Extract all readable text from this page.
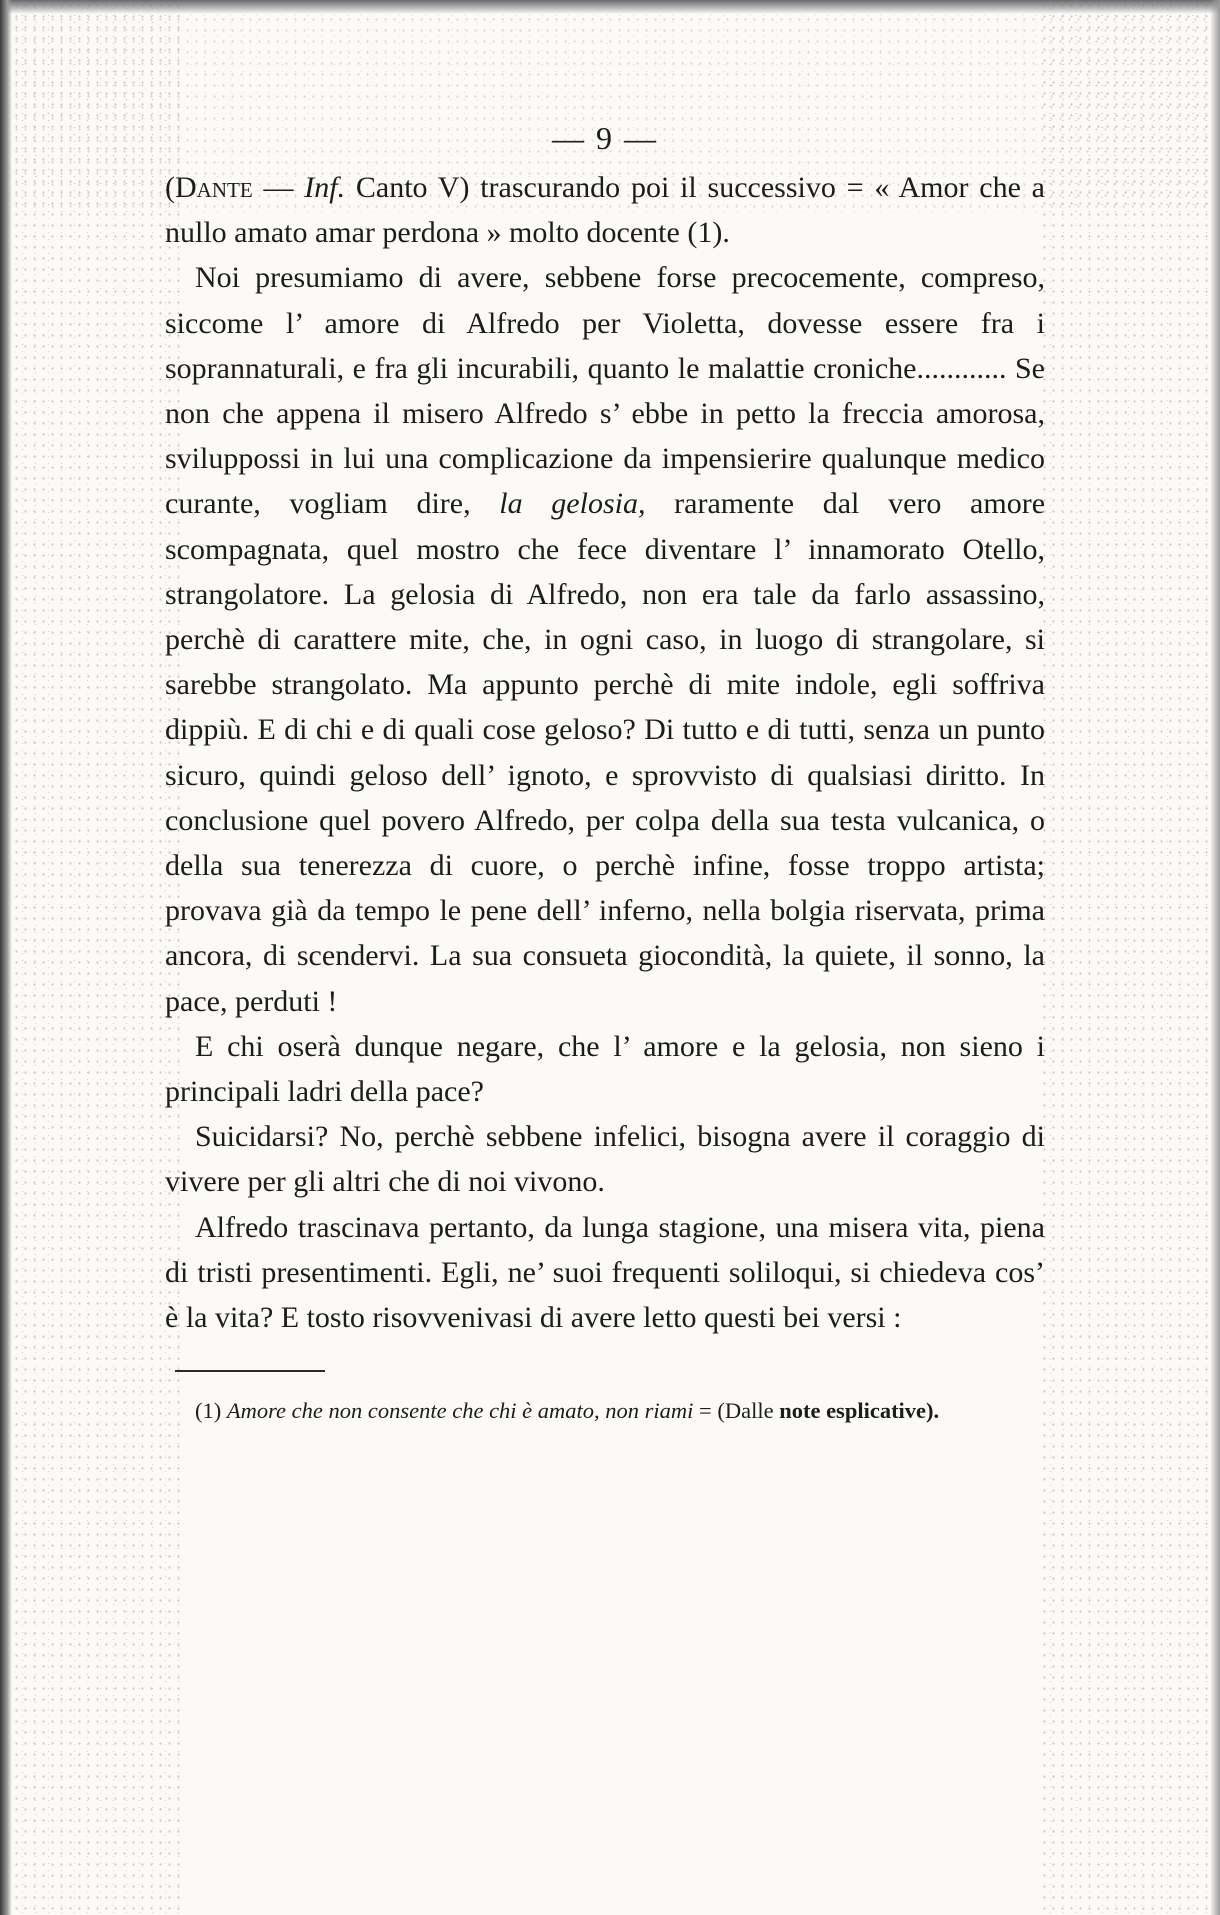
— 9 —

(Dante — Inf. Canto V) trascurando poi il successivo = « Amor che a nullo amato amar perdona » molto docente (1).

Noi presumiamo di avere, sebbene forse precocemente, compreso, siccome l’ amore di Alfredo per Violetta, dovesse essere fra i soprannaturali, e fra gli incurabili, quanto le malattie croniche............ Se non che appena il misero Alfredo s’ ebbe in petto la freccia amorosa, sviluppossi in lui una complicazione da impensierire qualunque medico curante, vogliam dire, la gelosia, raramente dal vero amore scompagnata, quel mostro che fece diventare l’ innamorato Otello, strangolatore. La gelosia di Alfredo, non era tale da farlo assassino, perchè di carattere mite, che, in ogni caso, in luogo di strangolare, si sarebbe strangolato. Ma appunto perchè di mite indole, egli soffriva dippiù. E di chi e di quali cose geloso? Di tutto e di tutti, senza un punto sicuro, quindi geloso dell’ ignoto, e sprovvisto di qualsiasi diritto. In conclusione quel povero Alfredo, per colpa della sua testa vulcanica, o della sua tenerezza di cuore, o perchè infine, fosse troppo artista; provava già da tempo le pene dell’ inferno, nella bolgia riservata, prima ancora, di scendervi. La sua consueta giocondità, la quiete, il sonno, la pace, perduti !

E chi oserà dunque negare, che l’ amore e la gelosia, non sieno i principali ladri della pace?

Suicidarsi? No, perchè sebbene infelici, bisogna avere il coraggio di vivere per gli altri che di noi vivono.

Alfredo trascinava pertanto, da lunga stagione, una misera vita, piena di tristi presentimenti. Egli, ne’ suoi frequenti soliloqui, si chiedeva cos’ è la vita? E tosto risovvenivasi di avere letto questi bei versi :

(1) Amore che non consente che chi è amato, non riami = (Dalle note esplicative).
